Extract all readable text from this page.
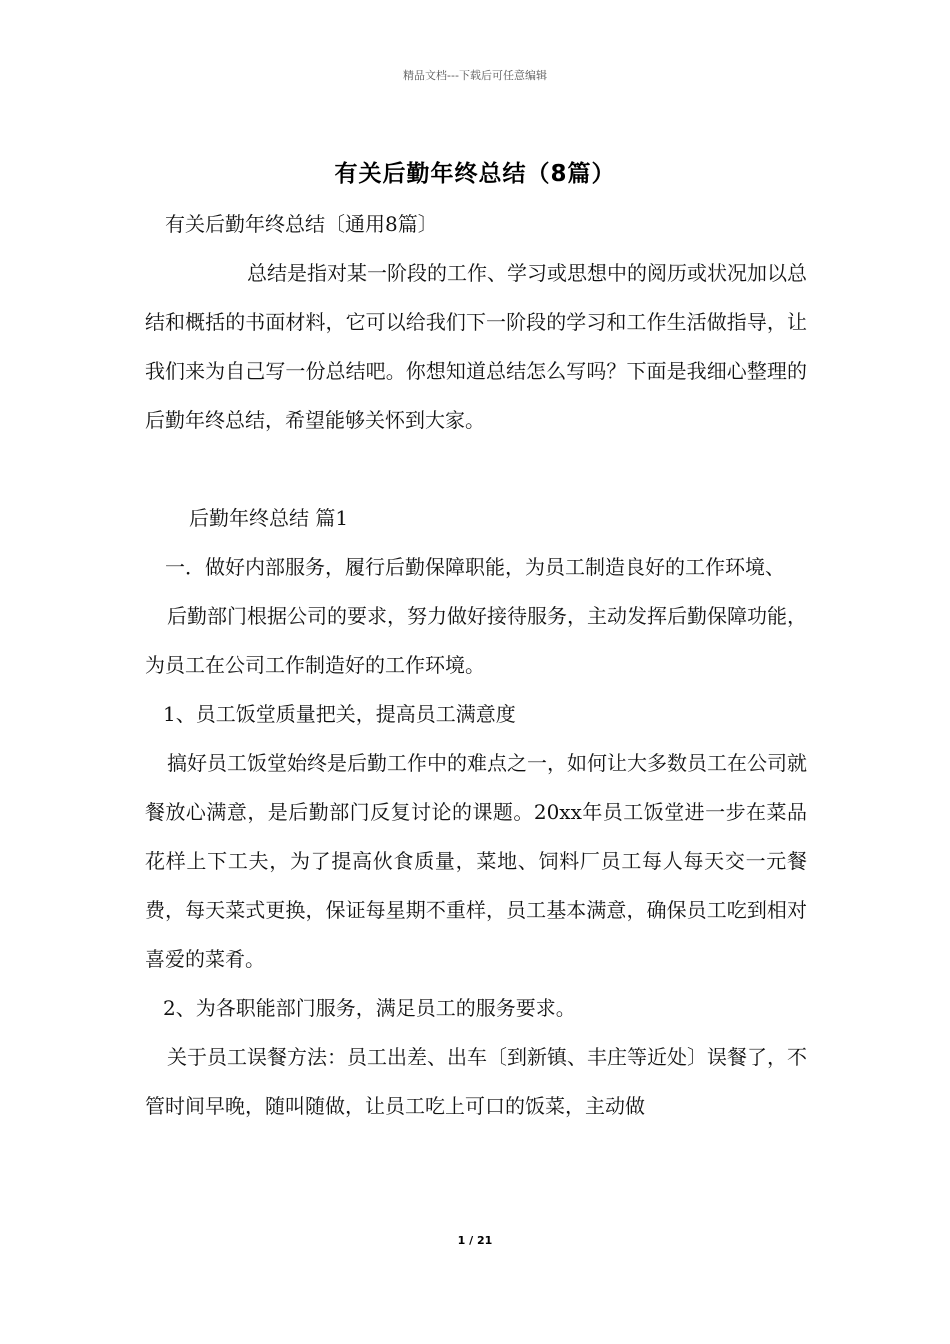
精品文档---下载后可任意编辑
有关后勤年终总结（8篇）

有关后勤年终总结〔通用8篇〕

总结是指对某一阶段的工作、学习或思想中的阅历或状况加以总结和概括的书面材料，它可以给我们下一阶段的学习和工作生活做指导，让我们来为自己写一份总结吧。你想知道总结怎么写吗？下面是我细心整理的后勤年终总结，希望能够关怀到大家。

后勤年终总结 篇1

一．做好内部服务，履行后勤保障职能，为员工制造良好的工作环境、

后勤部门根据公司的要求，努力做好接待服务，主动发挥后勤保障功能，为员工在公司工作制造好的工作环境。

1、员工饭堂质量把关，提高员工满意度

搞好员工饭堂始终是后勤工作中的难点之一，如何让大多数员工在公司就餐放心满意，是后勤部门反复讨论的课题。20xx年员工饭堂进一步在菜品花样上下工夫，为了提高伙食质量，菜地、饲料厂员工每人每天交一元餐费，每天菜式更换，保证每星期不重样，员工基本满意，确保员工吃到相对喜爱的菜肴。

2、为各职能部门服务，满足员工的服务要求。

关于员工误餐方法：员工出差、出车〔到新镇、丰庄等近处〕误餐了，不管时间早晚，随叫随做，让员工吃上可口的饭菜，主动做

1 / 21
